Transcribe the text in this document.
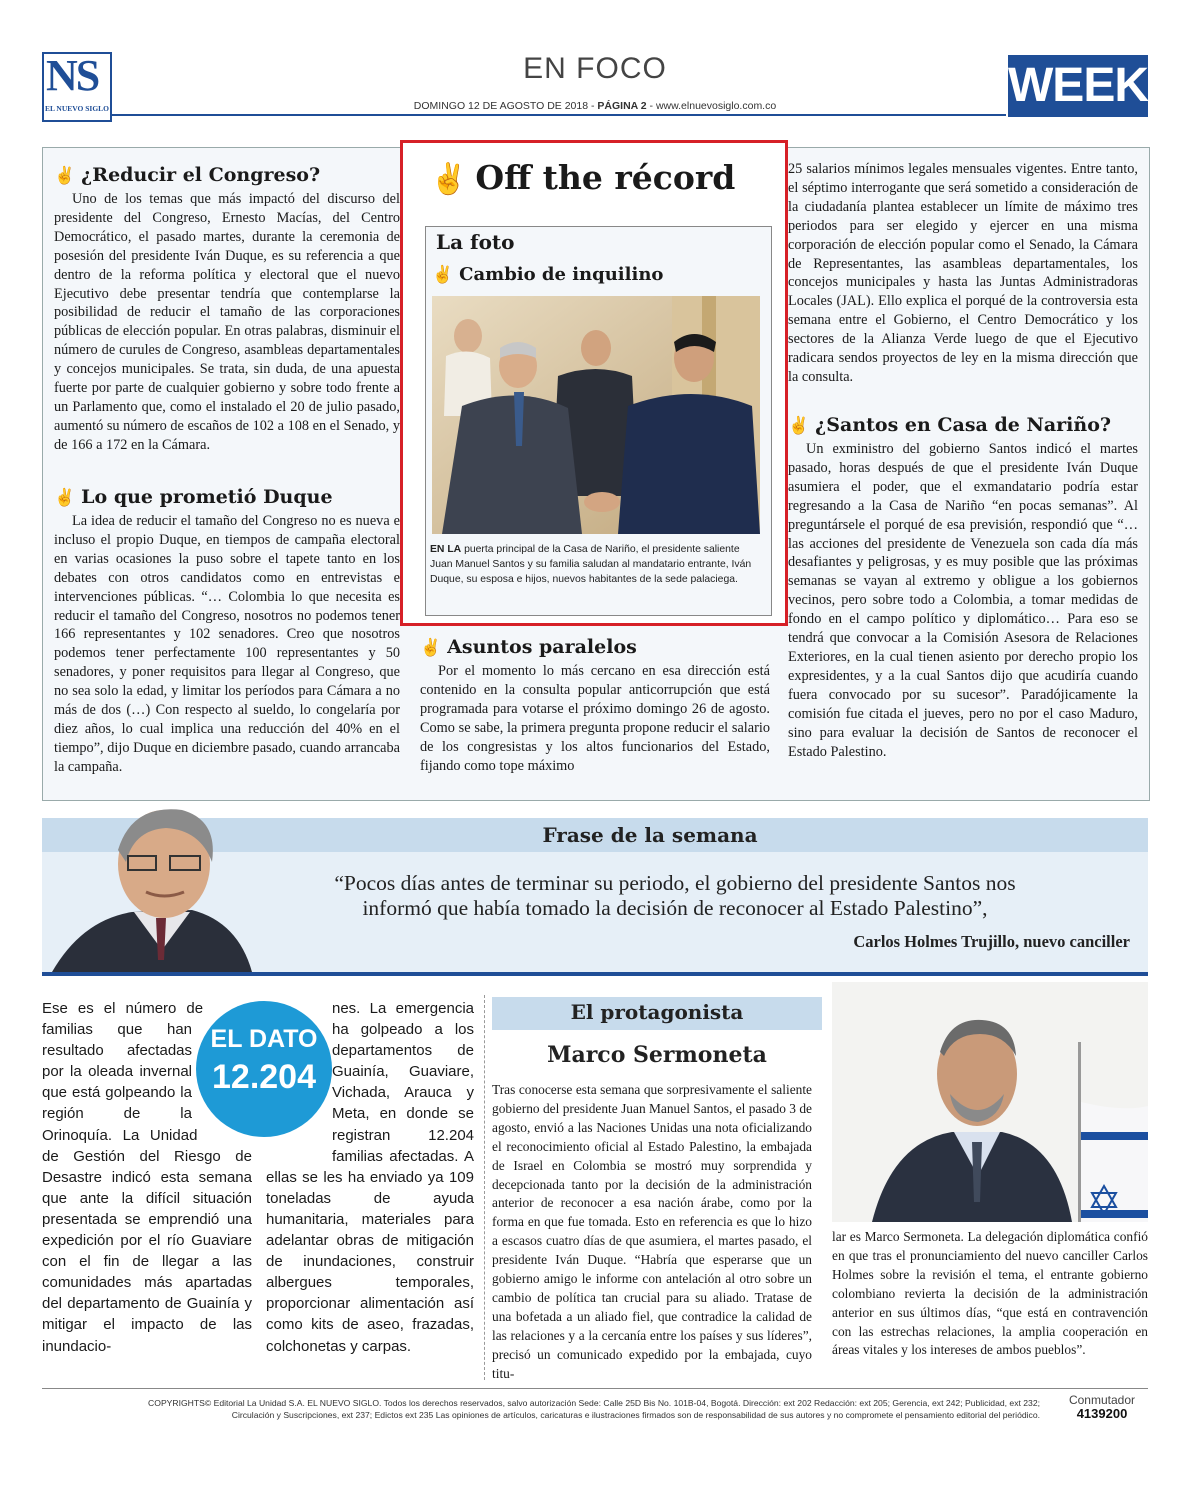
NS
EL NUEVO SIGLO
EN FOCO
DOMINGO 12 DE AGOSTO DE 2018 - PÁGINA 2 - www.elnuevosiglo.com.co	WEEK
✌ ¿Reducir el Congreso?

Uno de los temas que más impactó del discurso del presidente del Congreso, Ernesto Macías, del Centro Democrático, el pasado martes, durante la ceremonia de posesión del presidente Iván Duque, es su referencia a que dentro de la reforma política y electoral que el nuevo Ejecutivo debe presentar tendría que contemplarse la posibilidad de reducir el tamaño de las corporaciones públicas de elección popular. En otras palabras, disminuir el número de curules de Congreso, asambleas departamentales y concejos municipales. Se trata, sin duda, de una apuesta fuerte por parte de cualquier gobierno y sobre todo frente a un Parlamento que, como el instalado el 20 de julio pasado, aumentó su número de escaños de 102 a 108 en el Senado, y de 166 a 172 en la Cámara.

✌ Lo que prometió Duque

La idea de reducir el tamaño del Congreso no es nueva e incluso el propio Duque, en tiempos de campaña electoral en varias ocasiones la puso sobre el tapete tanto en los debates con otros candidatos como en entrevistas e intervenciones públicas. “… Colombia lo que necesita es reducir el tamaño del Congreso, nosotros no podemos tener 166 representantes y 102 senadores. Creo que nosotros podemos tener perfectamente 100 representantes y 50 senadores, y poner requisitos para llegar al Congreso, que no sea solo la edad, y limitar los períodos para Cámara a no más de dos (…) Con respecto al sueldo, lo congelaría por diez años, lo cual implica una reducción del 40% en el tiempo”, dijo Duque en diciembre pasado, cuando arrancaba la campaña.

✌ Off the récord
La foto
✌ Cambio de inquilino
EN LA puerta principal de la Casa de Nariño, el presidente saliente Juan Manuel Santos y su familia saludan al mandatario entrante, Iván Duque, su esposa e hijos, nuevos habitantes de la sede palaciega.
✌ Asuntos paralelos

Por el momento lo más cercano en esa dirección está contenido en la consulta popular anticorrupción que está programada para votarse el próximo domingo 26 de agosto. Como se sabe, la primera pregunta propone reducir el salario de los congresistas y los altos funcionarios del Estado, fijando como tope máximo

25 salarios mínimos legales mensuales vigentes. Entre tanto, el séptimo interrogante que será sometido a consideración de la ciudadanía plantea establecer un límite de máximo tres periodos para ser elegido y ejercer en una misma corporación de elección popular como el Senado, la Cámara de Representantes, las asambleas departamentales, los concejos municipales y hasta las Juntas Administradoras Locales (JAL). Ello explica el porqué de la controversia esta semana entre el Gobierno, el Centro Democrático y los sectores de la Alianza Verde luego de que el Ejecutivo radicara sendos proyectos de ley en la misma dirección que la consulta.

✌ ¿Santos en Casa de Nariño?

Un exministro del gobierno Santos indicó el martes pasado, horas después de que el presidente Iván Duque asumiera el poder, que el exmandatario podría estar regresando a la Casa de Nariño “en pocas semanas”. Al preguntársele el porqué de esa previsión, respondió que “… las acciones del presidente de Venezuela son cada día más desafiantes y peligrosas, y es muy posible que las próximas semanas se vayan al extremo y obligue a los gobiernos vecinos, pero sobre todo a Colombia, a tomar medidas de fondo en el campo político y diplomático… Para eso se tendrá que convocar a la Comisión Asesora de Relaciones Exteriores, en la cual tienen asiento por derecho propio los expresidentes, y a la cual Santos dijo que acudiría cuando fuera convocado por su sucesor”. Paradójicamente la comisión fue citada el jueves, pero no por el caso Maduro, sino para evaluar la decisión de Santos de reconocer el Estado Palestino.

Frase de la semana
“Pocos días antes de terminar su periodo, el gobierno del presidente Santos nos
informó que había tomado la decisión de reconocer al Estado Palestino”,
Carlos Holmes Trujillo, nuevo canciller
Ese es el número de familias que han resultado afectadas por la oleada invernal que está golpeando la región de la Orinoquía. La Unidad de Gestión del Riesgo de Desastre indicó esta semana que ante la difícil situación presentada se emprendió una expedición por el río Guaviare con el fin de llegar a las comunidades más apartadas del departamento de Guainía y mitigar el impacto de las inundacio-
nes. La emergencia ha golpeado a los departamentos de Guainía, Guaviare, Vichada, Arauca y Meta, en donde se registran 12.204 familias afectadas. A ellas se les ha enviado ya 109 toneladas de ayuda humanitaria, materiales para adelantar obras de mitigación de inundaciones, construir albergues temporales, proporcionar alimentación así como kits de aseo, frazadas, colchonetas y carpas.
EL DATO
12.204
El protagonista
Marco Sermoneta
Tras conocerse esta semana que sorpresivamente el saliente gobierno del presidente Juan Manuel Santos, el pasado 3 de agosto, envió a las Naciones Unidas una nota oficializando el reconocimiento oficial al Estado Palestino, la embajada de Israel en Colombia se mostró muy sorprendida y decepcionada tanto por la decisión de la administración anterior de reconocer a esa nación árabe, como por la forma en que fue tomada. Esto en referencia es que lo hizo a escasos cuatro días de que asumiera, el martes pasado, el presidente Iván Duque. “Habría que esperarse que un gobierno amigo le informe con antelación al otro sobre un cambio de política tan crucial para su aliado. Tratase de una bofetada a un aliado fiel, que contradice la calidad de las relaciones y a la cercanía entre los países y sus líderes”, precisó un comunicado expedido por la embajada, cuyo titu-
lar es Marco Sermoneta. La delegación diplomática confió en que tras el pronunciamiento del nuevo canciller Carlos Holmes sobre la revisión el tema, el entrante gobierno colombiano revierta la decisión de la administración anterior en sus últimos días, “que está en contravención con las estrechas relaciones, la amplia cooperación en áreas vitales y los intereses de ambos pueblos”.
COPYRIGHTS© Editorial La Unidad S.A. EL NUEVO SIGLO. Todos los derechos reservados, salvo autorización Sede: Calle 25D Bis No. 101B-04, Bogotá. Dirección: ext 202 Redacción: ext 205; Gerencia, ext 242; Publicidad, ext 232;
Circulación y Suscripciones, ext 237; Edictos ext 235 Las opiniones de artículos, caricaturas e ilustraciones firmados son de responsabilidad de sus autores y no compromete el pensamiento editorial del periódico.
Conmutador
4139200
